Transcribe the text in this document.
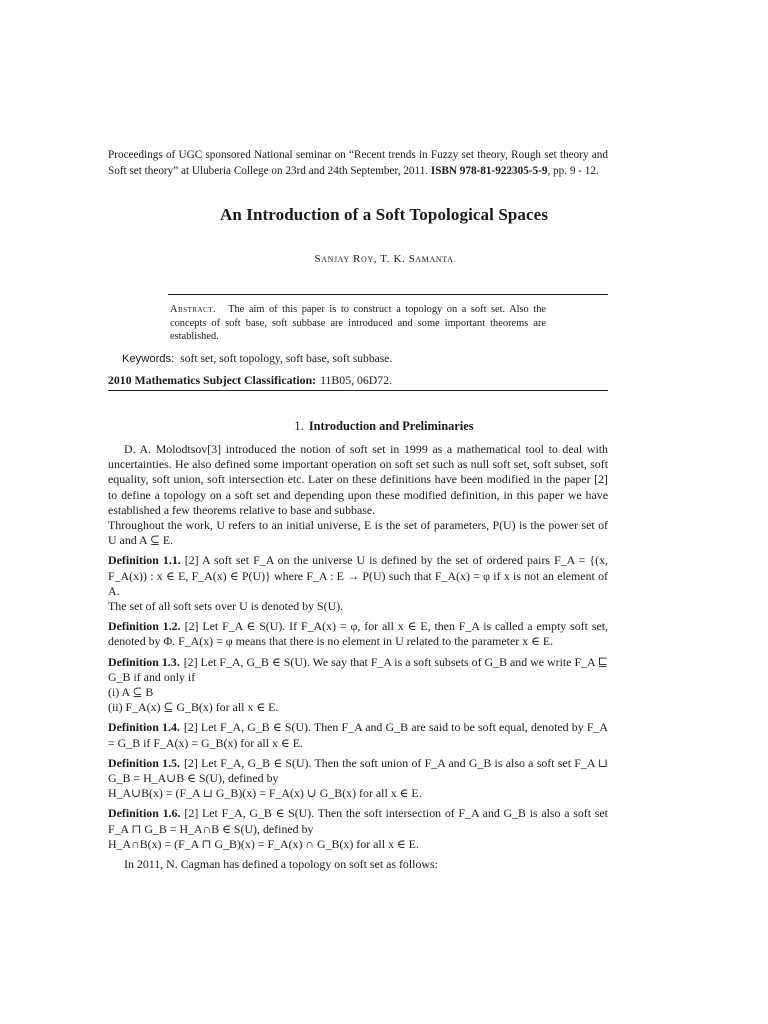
Proceedings of UGC sponsored National seminar on “Recent trends in Fuzzy set theory, Rough set theory and Soft set theory” at Uluberia College on 23rd and 24th September, 2011. ISBN 978-81-922305-5-9, pp. 9 - 12.
An Introduction of a Soft Topological Spaces
Sanjay Roy, T. K. Samanta
Abstract. The aim of this paper is to construct a topology on a soft set. Also the concepts of soft base, soft subbase are introduced and some important theorems are established.
Keywords: soft set, soft topology, soft base, soft subbase.
2010 Mathematics Subject Classification: 11B05, 06D72.
1. Introduction and Preliminaries

D. A. Molodtsov[3] introduced the notion of soft set in 1999 as a mathematical tool to deal with uncertainties. He also defined some important operation on soft set such as null soft set, soft subset, soft equality, soft union, soft intersection etc. Later on these definitions have been modified in the paper [2] to define a topology on a soft set and depending upon these modified definition, in this paper we have established a few theorems relative to base and subbase.

Throughout the work, U refers to an initial universe, E is the set of parameters, P(U) is the power set of U and A ⊆ E.

Definition 1.1. [2] A soft set F_A on the universe U is defined by the set of ordered pairs F_A = {(x, F_A(x)) : x ∈ E, F_A(x) ∈ P(U)} where F_A : E → P(U) such that F_A(x) = φ if x is not an element of A.
The set of all soft sets over U is denoted by S(U).
Definition 1.2. [2] Let F_A ∈ S(U). If F_A(x) = φ, for all x ∈ E, then F_A is called a empty soft set, denoted by Φ. F_A(x) = φ means that there is no element in U related to the parameter x ∈ E.
Definition 1.3. [2] Let F_A, G_B ∈ S(U). We say that F_A is a soft subsets of G_B and we write F_A ⊑ G_B if and only if
(i) A ⊆ B
(ii) F_A(x) ⊆ G_B(x) for all x ∈ E.
Definition 1.4. [2] Let F_A, G_B ∈ S(U). Then F_A and G_B are said to be soft equal, denoted by F_A = G_B if F_A(x) = G_B(x) for all x ∈ E.
Definition 1.5. [2] Let F_A, G_B ∈ S(U). Then the soft union of F_A and G_B is also a soft set F_A ⊔ G_B = H_A∪B ∈ S(U), defined by
H_A∪B(x) = (F_A ⊔ G_B)(x) = F_A(x) ∪ G_B(x) for all x ∈ E.
Definition 1.6. [2] Let F_A, G_B ∈ S(U). Then the soft intersection of F_A and G_B is also a soft set F_A ⊓ G_B = H_A∩B ∈ S(U), defined by
H_A∩B(x) = (F_A ⊓ G_B)(x) = F_A(x) ∩ G_B(x) for all x ∈ E.

In 2011, N. Cagman has defined a topology on soft set as follows:
